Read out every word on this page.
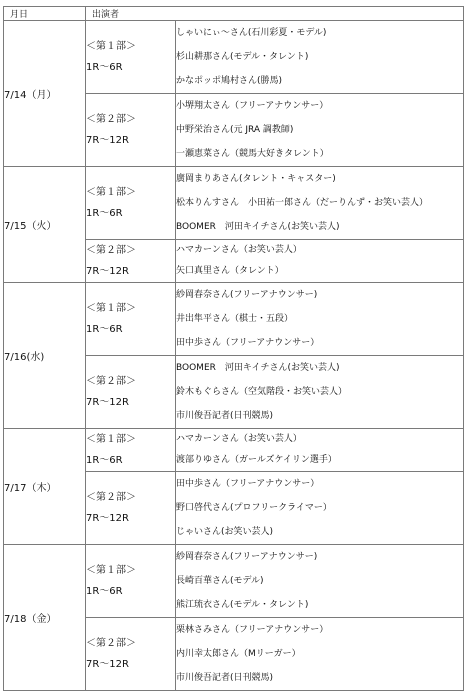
月日	出演者	
7/14（月）	＜第１部＞
1R～6R	しゃいにぃ～さん(石川彩夏・モデル)
杉山耕那さん(モデル・タレント)
かなポッポ鳩村さん(勝馬)

	＜第２部＞
7R～12R	小堺翔太さん（フリーアナウンサー）
中野栄治さん(元 JRA 調教師)
一瀬恵菜さん（競馬大好きタレント）

7/15（火）	＜第１部＞
1R～6R	廣岡まりあさん(タレント・キャスター)
松本りんすさん　小田祐一郎さん（だーりんず・お笑い芸人）
BOOMER　河田キイチさん(お笑い芸人)

	＜第２部＞
7R～12R	ハマカーンさん（お笑い芸人）
矢口真里さん（タレント）

7/16(水)	＜第１部＞
1R～6R	紗岡春奈さん(フリーアナウンサー)
井出隼平さん（棋士・五段）
田中歩さん（フリーアナウンサー）

	＜第２部＞
7R～12R	BOOMER　河田キイチさん(お笑い芸人)
鈴木もぐらさん（空気階段・お笑い芸人）
市川俊吾記者(日刊競馬)

7/17（木）	＜第１部＞
1R～6R	ハマカーンさん（お笑い芸人）
渡部りゆさん（ガールズケイリン選手）

	＜第２部＞
7R～12R	田中歩さん（フリーアナウンサー）
野口啓代さん(プロフリークライマー）
じゃいさん(お笑い芸人)

7/18（金）	＜第１部＞
1R～6R	紗岡春奈さん(フリーアナウンサー)
長崎百華さん(モデル)
熊江琉衣さん(モデル・タレント)

	＜第２部＞
7R～12R	栗林さみさん（フリーアナウンサー）
内川幸太郎さん（Mリーガー）
市川俊吾記者(日刊競馬)
